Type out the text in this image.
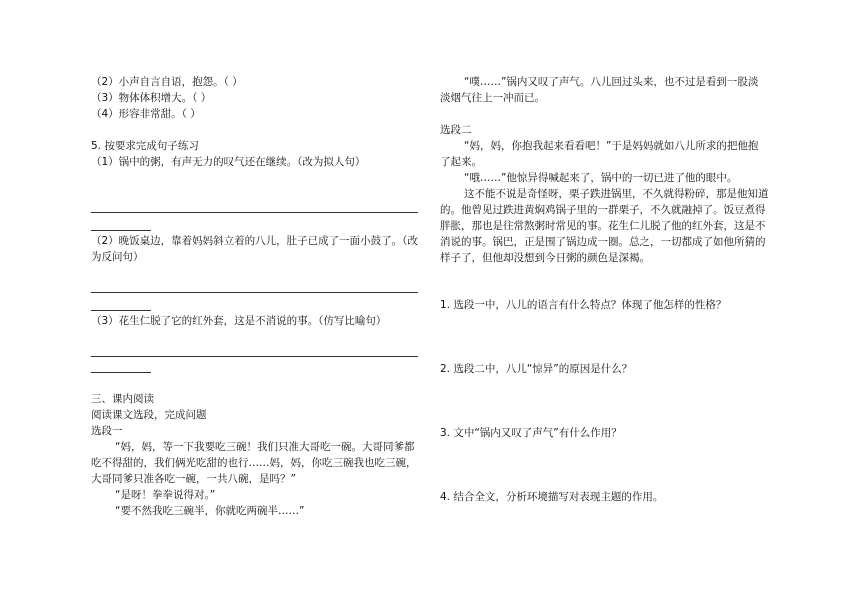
（2）小声自言自语，抱怨。（ ）
（3）物体体积增大。（ ）
（4）形容非常甜。（ ）
5. 按要求完成句子练习
（1）锅中的粥，有声无力的叹气还在继续。（改为拟人句）
（2）晚饭桌边，靠着妈妈斜立着的八儿，肚子已成了一面小鼓了。（改
为反问句）
（3）花生仁脱了它的红外套，这是不消说的事。（仿写比喻句）
三、课内阅读
阅读课文选段，完成问题
选段一
“妈，妈，等一下我要吃三碗！我们只准大哥吃一碗。大哥同爹都
吃不得甜的，我们俩光吃甜的也行……妈，妈，你吃三碗我也吃三碗，
大哥同爹只准各吃一碗，一共八碗，是吗？”
“是呀！拳拳说得对。”
“要不然我吃三碗半，你就吃两碗半……”
“噗……”锅内又叹了声气。八儿回过头来，也不过是看到一股淡
淡烟气往上一冲而已。
选段二
“妈，妈，你抱我起来看看吧！”于是妈妈就如八儿所求的把他抱
了起来。
“哦……”他惊异得喊起来了，锅中的一切已进了他的眼中。
这不能不说是奇怪呀，栗子跌进锅里，不久就得粉碎，那是他知道
的。他曾见过跌进黄焖鸡锅子里的一群栗子，不久就融掉了。饭豆煮得
胖胀，那也是往常熬粥时常见的事。花生仁儿脱了他的红外套，这是不
消说的事。锅巴，正是围了锅边成一圈。总之，一切都成了如他所猜的
样子了，但他却没想到今日粥的颜色是深褐。
1. 选段一中，八儿的语言有什么特点？体现了他怎样的性格？
2. 选段二中，八儿“惊异”的原因是什么？
3. 文中“锅内又叹了声气”有什么作用？
4. 结合全文，分析环境描写对表现主题的作用。
